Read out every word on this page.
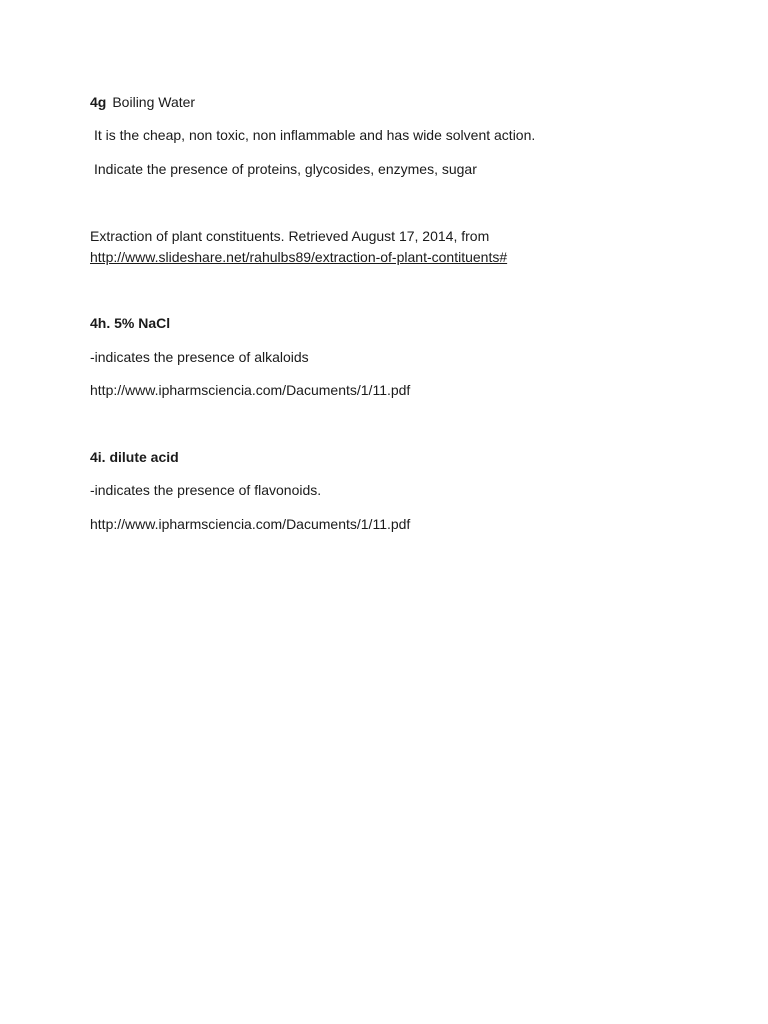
4g Boiling Water
It is the cheap, non toxic, non inflammable and has wide solvent action.
Indicate the presence of proteins, glycosides, enzymes, sugar
Extraction of plant constituents. Retrieved August 17, 2014, from
http://www.slideshare.net/rahulbs89/extraction-of-plant-contituents#
4h. 5% NaCl
-indicates the presence of alkaloids
http://www.ipharmsciencia.com/Dacuments/1/11.pdf
4i. dilute acid
-indicates the presence of flavonoids.
http://www.ipharmsciencia.com/Dacuments/1/11.pdf
